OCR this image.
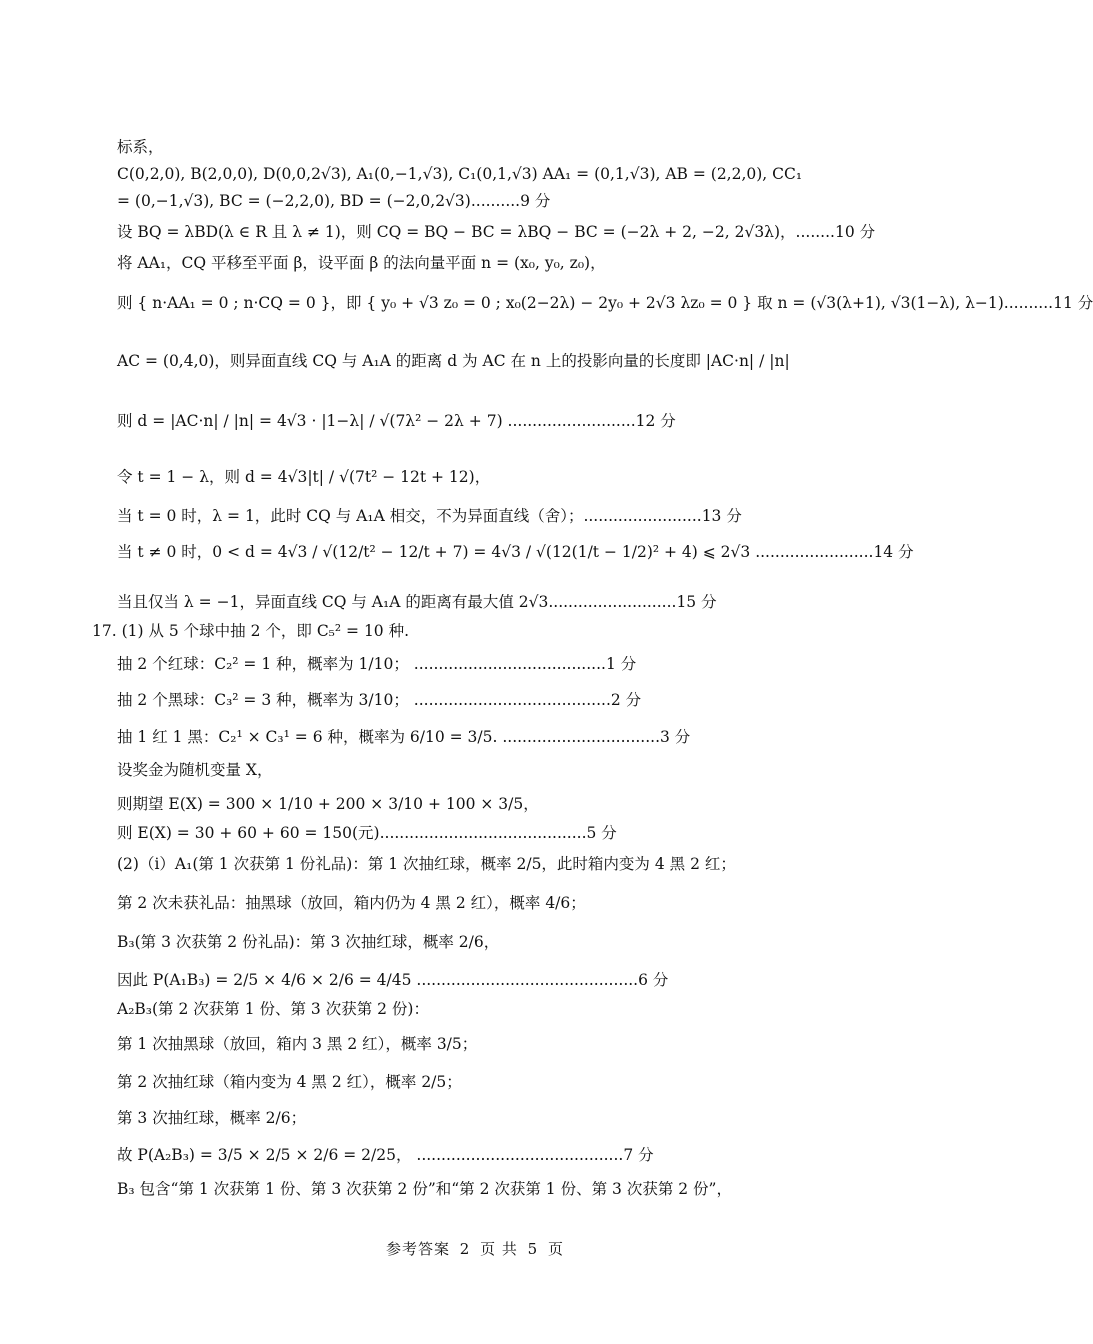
标系，
C(0,2,0), B(2,0,0), D(0,0,2√3), A₁(0,−1,√3), C₁(0,1,√3) AA₁ = (0,1,√3), AB = (2,2,0), CC₁
= (0,−1,√3), BC = (−2,2,0), BD = (−2,0,2√3)..........9 分
设 BQ = λBD(λ ∈ R 且 λ ≠ 1)，则 CQ = BQ − BC = λBQ − BC = (−2λ + 2, −2, 2√3λ)，........10 分
将 AA₁，CQ 平移至平面 β，设平面 β 的法向量平面 n = (x₀, y₀, z₀)，
则 { n·AA₁ = 0 ; n·CQ = 0 }，即 { y₀ + √3 z₀ = 0 ; x₀(2−2λ) − 2y₀ + 2√3 λz₀ = 0 } 取 n = (√3(λ+1), √3(1−λ), λ−1)..........11 分
AC = (0,4,0)，则异面直线 CQ 与 A₁A 的距离 d 为 AC 在 n 上的投影向量的长度即 |AC·n| / |n|
则 d = |AC·n| / |n| = 4√3 · |1−λ| / √(7λ² − 2λ + 7) ..........................12 分
令 t = 1 − λ，则 d = 4√3|t| / √(7t² − 12t + 12)，
当 t = 0 时，λ = 1，此时 CQ 与 A₁A 相交，不为异面直线（舍）；........................13 分
当 t ≠ 0 时，0 < d = 4√3 / √(12/t² − 12/t + 7) = 4√3 / √(12(1/t − 1/2)² + 4) ⩽ 2√3 ........................14 分
当且仅当 λ = −1，异面直线 CQ 与 A₁A 的距离有最大值 2√3..........................15 分
17. (1) 从 5 个球中抽 2 个，即 C₅² = 10 种.
抽 2 个红球：C₂² = 1 种，概率为 1/10； .......................................1 分
抽 2 个黑球：C₃² = 3 种，概率为 3/10； ........................................2 分
抽 1 红 1 黑：C₂¹ × C₃¹ = 6 种，概率为 6/10 = 3/5. ................................3 分
设奖金为随机变量 X，
则期望 E(X) = 300 × 1/10 + 200 × 3/10 + 100 × 3/5，
则 E(X) = 30 + 60 + 60 = 150(元)..........................................5 分
(2)（ⅰ）A₁(第 1 次获第 1 份礼品)：第 1 次抽红球，概率 2/5，此时箱内变为 4 黑 2 红；
第 2 次未获礼品：抽黑球（放回，箱内仍为 4 黑 2 红），概率 4/6；
B₃(第 3 次获第 2 份礼品)：第 3 次抽红球，概率 2/6，
因此 P(A₁B₃) = 2/5 × 4/6 × 2/6 = 4/45 .............................................6 分
A₂B₃(第 2 次获第 1 份、第 3 次获第 2 份)：
第 1 次抽黑球（放回，箱内 3 黑 2 红），概率 3/5；
第 2 次抽红球（箱内变为 4 黑 2 红），概率 2/5；
第 3 次抽红球，概率 2/6；
故 P(A₂B₃) = 3/5 × 2/5 × 2/6 = 2/25， ..........................................7 分
B₃ 包含“第 1 次获第 1 份、第 3 次获第 2 份”和“第 2 次获第 1 份、第 3 次获第 2 份”，
参考答案 2 页 共 5 页
